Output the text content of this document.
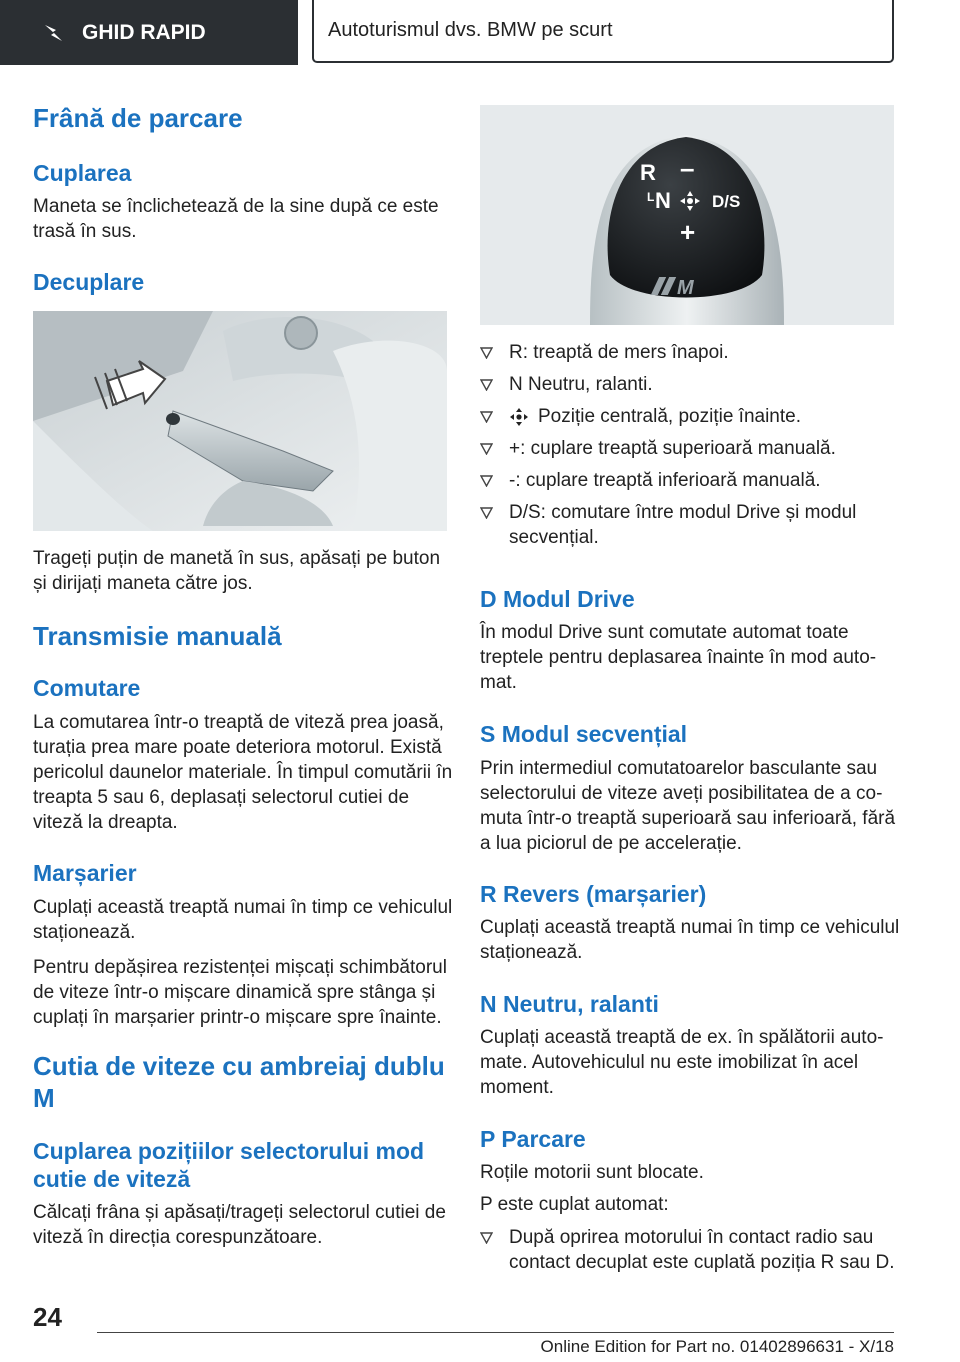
GHID RAPID	Autoturismul dvs. BMW pe scurt
Frână de parcare
Cuplarea
Maneta se înclichetează de la sine după ce este trasă în sus.
Decuplare
Trageți puțin de manetă în sus, apăsați pe buton și dirijați maneta către jos.
Transmisie manuală
Comutare
La comutarea într-o treaptă de viteză prea joasă, turația prea mare poate deteriora motorul. Există pericolul daunelor materiale. În timpul comutării în treapta 5 sau 6, deplasați selectorul cutiei de viteză la dreapta.
Marșarier
Cuplați această treaptă numai în timp ce vehiculul staționează.
Pentru depășirea rezistenței mișcați schimbătorul de viteze într-o mișcare dinamică spre stânga și cuplați în marșarier printr-o mișcare spre înainte.
Cutia de viteze cu ambreiaj dublu M
Cuplarea pozițiilor selectorului mod cutie de viteză
Călcați frâna și apăsați/trageți selectorul cutiei de viteză în direcția corespunzătoare.
R –
L N D/S
+
M
R: treaptă de mers înapoi.
N Neutru, ralanti.
Poziție centrală, poziție înainte.
+: cuplare treaptă superioară manuală.
-: cuplare treaptă inferioară manuală.
D/S: comutare între modul Drive și modul secvențial.
D Modul Drive
În modul Drive sunt comutate automat toate treptele pentru deplasarea înainte în mod automat.
S Modul secvențial
Prin intermediul comutatoarelor basculante sau selectorului de viteze aveți posibilitatea de a comuta într-o treaptă superioară sau inferioară, fără a lua piciorul de pe accelerație.
R Revers (marșarier)
Cuplați această treaptă numai în timp ce vehiculul staționează.
N Neutru, ralanti
Cuplați această treaptă de ex. în spălătorii automate. Autovehiculul nu este imobilizat în acel moment.
P Parcare
Roțile motorii sunt blocate.
P este cuplat automat:
După oprirea motorului în contact radio sau contact decuplat este cuplată poziția R sau D.
24
Online Edition for Part no. 01402896631 - X/18
